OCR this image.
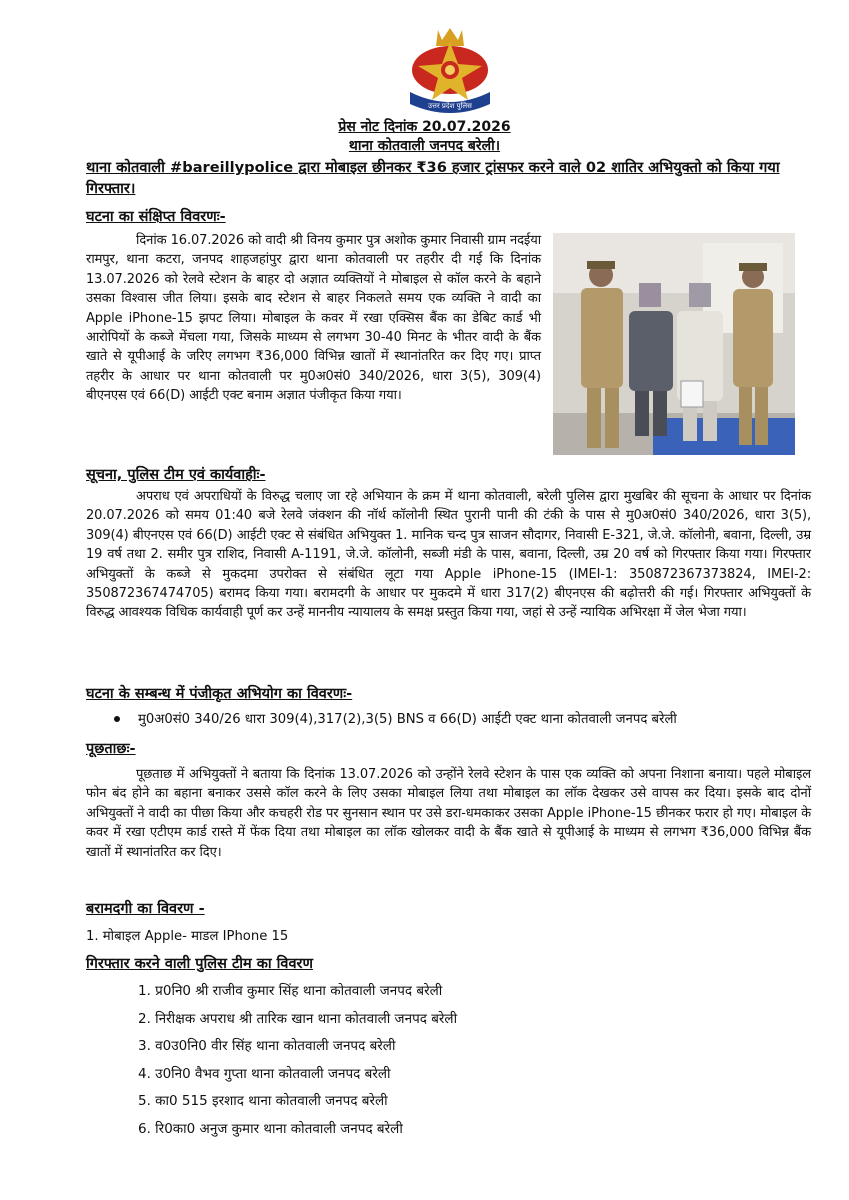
उत्तर प्रदेश पुलिस
प्रेस नोट दिनांक 20.07.2026
थाना कोतवाली जनपद बरेली।
थाना कोतवाली #bareillypolice द्वारा मोबाइल छीनकर ₹36 हजार ट्रांसफर करने वाले 02 शातिर अभियुक्तो को किया गया गिरफ्तार।
घटना का संक्षिप्त विवरणः-
दिनांक 16.07.2026 को वादी श्री विनय कुमार पुत्र अशोक कुमार निवासी ग्राम नदईया रामपुर, थाना कटरा, जनपद शाहजहांपुर द्वारा थाना कोतवाली पर तहरीर दी गई कि दिनांक 13.07.2026 को रेलवे स्टेशन के बाहर दो अज्ञात व्यक्तियों ने मोबाइल से कॉल करने के बहाने उसका विश्वास जीत लिया। इसके बाद स्टेशन से बाहर निकलते समय एक व्यक्ति ने वादी का Apple iPhone-15 झपट लिया। मोबाइल के कवर में रखा एक्सिस बैंक का डेबिट कार्ड भी आरोपियों के कब्जे मेंचला गया, जिसके माध्यम से लगभग 30-40 मिनट के भीतर वादी के बैंक खाते से यूपीआई के जरिए लगभग ₹36,000 विभिन्न खातों में स्थानांतरित कर दिए गए। प्राप्त तहरीर के आधार पर थाना कोतवाली पर मु0अ0सं0 340/2026, धारा 3(5), 309(4) बीएनएस एवं 66(D) आईटी एक्ट बनाम अज्ञात पंजीकृत किया गया।
सूचना, पुलिस टीम एवं कार्यवाहीः-
अपराध एवं अपराधियों के विरुद्ध चलाए जा रहे अभियान के क्रम में थाना कोतवाली, बरेली पुलिस द्वारा मुखबिर की सूचना के आधार पर दिनांक 20.07.2026 को समय 01:40 बजे रेलवे जंक्शन की नॉर्थ कॉलोनी स्थित पुरानी पानी की टंकी के पास से मु0अ0सं0 340/2026, धारा 3(5), 309(4) बीएनएस एवं 66(D) आईटी एक्ट से संबंधित अभियुक्त 1. मानिक चन्द पुत्र साजन सौदागर, निवासी E-321, जे.जे. कॉलोनी, बवाना, दिल्ली, उम्र 19 वर्ष तथा 2. समीर पुत्र राशिद, निवासी A-1191, जे.जे. कॉलोनी, सब्जी मंडी के पास, बवाना, दिल्ली, उम्र 20 वर्ष को गिरफ्तार किया गया। गिरफ्तार अभियुक्तों के कब्जे से मुकदमा उपरोक्त से संबंधित लूटा गया Apple iPhone-15 (IMEI-1: 350872367373824, IMEI-2: 350872367474705) बरामद किया गया। बरामदगी के आधार पर मुकदमे में धारा 317(2) बीएनएस की बढ़ोत्तरी की गई। गिरफ्तार अभियुक्तों के विरुद्ध आवश्यक विधिक कार्यवाही पूर्ण कर उन्हें माननीय न्यायालय के समक्ष प्रस्तुत किया गया, जहां से उन्हें न्यायिक अभिरक्षा में जेल भेजा गया।
घटना के सम्बन्ध में पंजीकृत अभियोग का विवरणः-
मु0अ0सं0 340/26 धारा 309(4),317(2),3(5) BNS व 66(D) आईटी एक्ट थाना कोतवाली जनपद बरेली
पूछताछः-
पूछताछ में अभियुक्तों ने बताया कि दिनांक 13.07.2026 को उन्होंने रेलवे स्टेशन के पास एक व्यक्ति को अपना निशाना बनाया। पहले मोबाइल फोन बंद होने का बहाना बनाकर उससे कॉल करने के लिए उसका मोबाइल लिया तथा मोबाइल का लॉक देखकर उसे वापस कर दिया। इसके बाद दोनों अभियुक्तों ने वादी का पीछा किया और कचहरी रोड पर सुनसान स्थान पर उसे डरा-धमकाकर उसका Apple iPhone-15 छीनकर फरार हो गए। मोबाइल के कवर में रखा एटीएम कार्ड रास्ते में फेंक दिया तथा मोबाइल का लॉक खोलकर वादी के बैंक खाते से यूपीआई के माध्यम से लगभग ₹36,000 विभिन्न बैंक खातों में स्थानांतरित कर दिए।
बरामदगी का विवरण -
1. मोबाइल Apple- माडल IPhone 15
गिरफ्तार करने वाली पुलिस टीम का विवरण
1. प्र0नि0 श्री राजीव कुमार सिंह थाना कोतवाली जनपद बरेली
2. निरीक्षक अपराध श्री तारिक खान थाना कोतवाली जनपद बरेली
3. व0उ0नि0 वीर सिंह थाना कोतवाली जनपद बरेली
4. उ0नि0 वैभव गुप्ता थाना कोतवाली जनपद बरेली
5. का0 515 इरशाद थाना कोतवाली जनपद बरेली
6. रि0का0 अनुज कुमार थाना कोतवाली जनपद बरेली
